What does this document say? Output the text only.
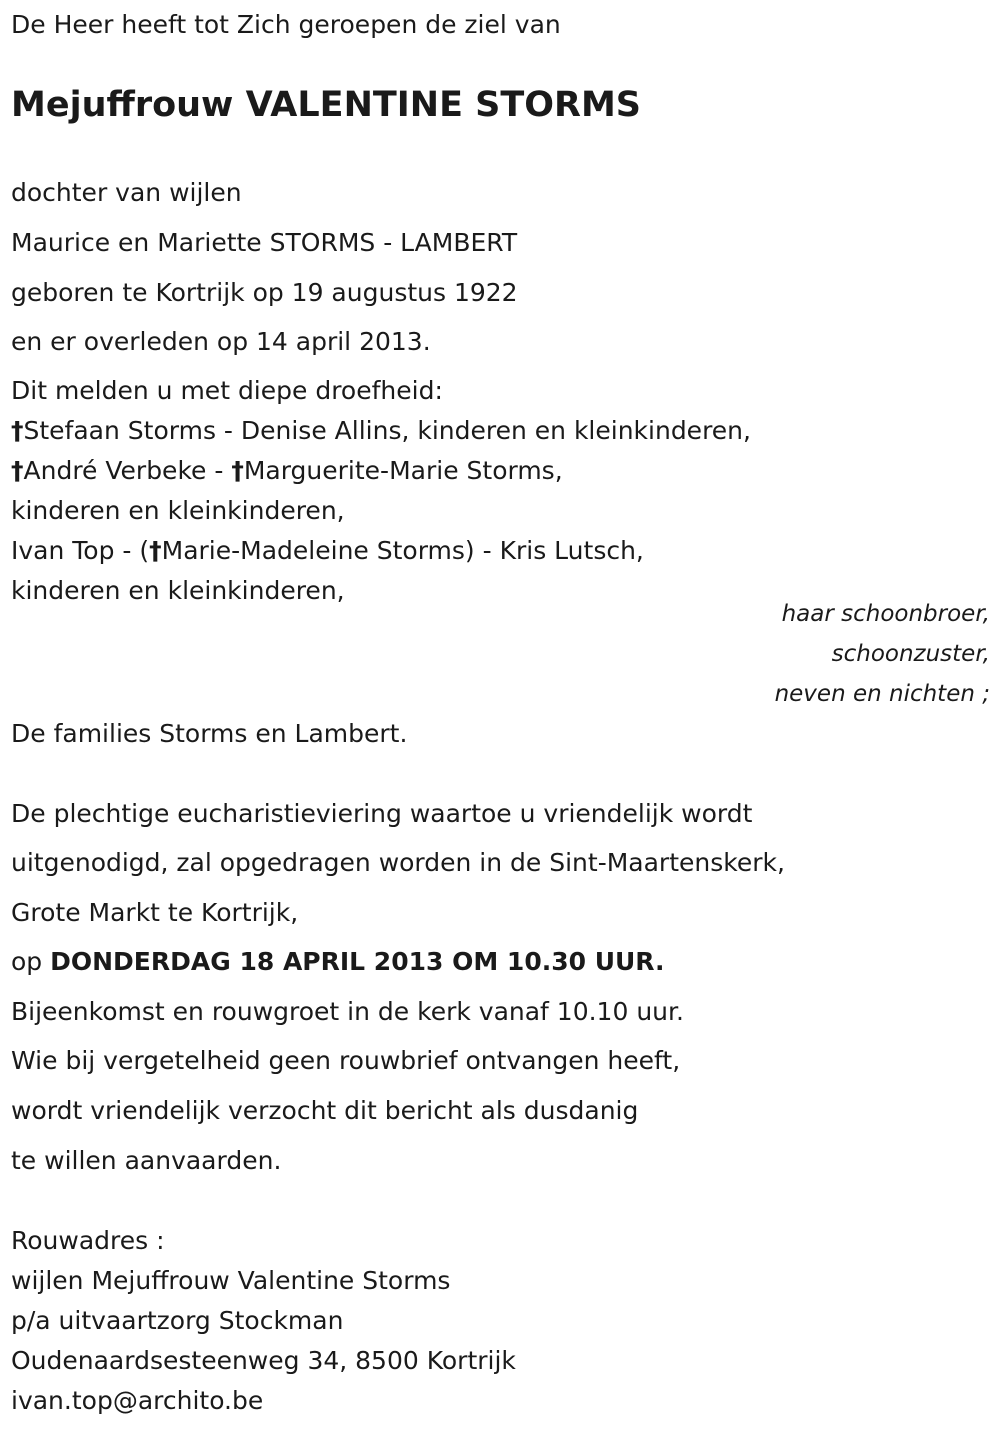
De Heer heeft tot Zich geroepen de ziel van
Mejuffrouw VALENTINE STORMS
dochter van wijlen
Maurice en Mariette STORMS - LAMBERT
geboren te Kortrijk op 19 augustus 1922
en er overleden op 14 april 2013.
Dit melden u met diepe droefheid:
†Stefaan Storms - Denise Allins, kinderen en kleinkinderen,
†André Verbeke - †Marguerite-Marie Storms,
kinderen en kleinkinderen,
Ivan Top - (†Marie-Madeleine Storms) - Kris Lutsch,
kinderen en kleinkinderen,
haar schoonbroer,
schoonzuster,
neven en nichten ;
De families Storms en Lambert.
De plechtige eucharistieviering waartoe u vriendelijk wordt
uitgenodigd, zal opgedragen worden in de Sint-Maartenskerk,
Grote Markt te Kortrijk,
op DONDERDAG 18 APRIL 2013 OM 10.30 UUR.
Bijeenkomst en rouwgroet in de kerk vanaf 10.10 uur.
Wie bij vergetelheid geen rouwbrief ontvangen heeft,
wordt vriendelijk verzocht dit bericht als dusdanig
te willen aanvaarden.
Rouwadres :
wijlen Mejuffrouw Valentine Storms
p/a uitvaartzorg Stockman
Oudenaardsesteenweg 34, 8500 Kortrijk
ivan.top@archito.be
